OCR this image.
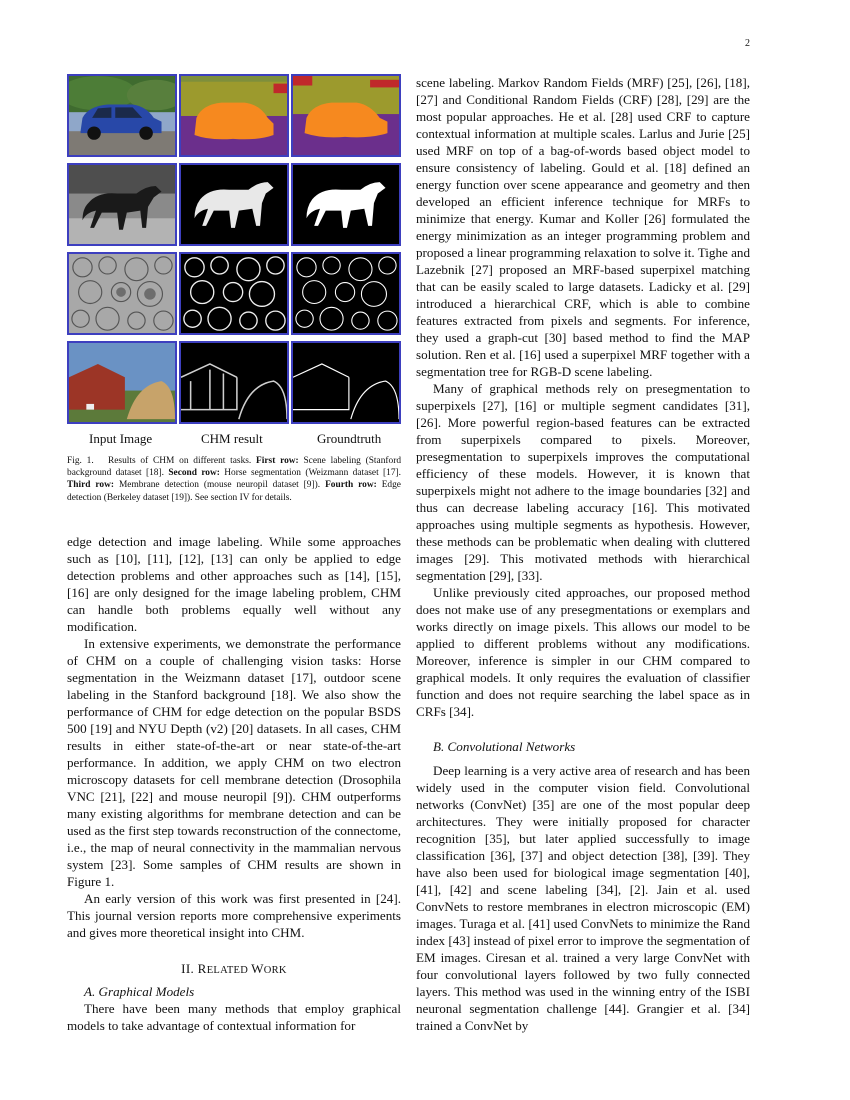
2
Input Image	CHM result	Groundtruth
Fig. 1. Results of CHM on different tasks. First row: Scene labeling (Stanford background dataset [18]. Second row: Horse segmentation (Weizmann dataset [17]. Third row: Membrane detection (mouse neuropil dataset [9]). Fourth row: Edge detection (Berkeley dataset [19]). See section IV for details.

edge detection and image labeling. While some approaches such as [10], [11], [12], [13] can only be applied to edge detection problems and other approaches such as [14], [15], [16] are only designed for the image labeling problem, CHM can handle both problems equally well without any modification.

In extensive experiments, we demonstrate the performance of CHM on a couple of challenging vision tasks: Horse segmentation in the Weizmann dataset [17], outdoor scene labeling in the Stanford background [18]. We also show the performance of CHM for edge detection on the popular BSDS 500 [19] and NYU Depth (v2) [20] datasets. In all cases, CHM results in either state-of-the-art or near state-of-the-art performance. In addition, we apply CHM on two electron microscopy datasets for cell membrane detection (Drosophila VNC [21], [22] and mouse neuropil [9]). CHM outperforms many existing algorithms for membrane detection and can be used as the first step towards reconstruction of the connectome, i.e., the map of neural connectivity in the mammalian nervous system [23]. Some samples of CHM results are shown in Figure 1.

An early version of this work was first presented in [24]. This journal version reports more comprehensive experiments and gives more theoretical insight into CHM.

II. RELATED WORK

A. Graphical Models

There have been many methods that employ graphical models to take advantage of contextual information for

scene labeling. Markov Random Fields (MRF) [25], [26], [18], [27] and Conditional Random Fields (CRF) [28], [29] are the most popular approaches. He et al. [28] used CRF to capture contextual information at multiple scales. Larlus and Jurie [25] used MRF on top of a bag-of-words based object model to ensure consistency of labeling. Gould et al. [18] defined an energy function over scene appearance and geometry and then developed an efficient inference technique for MRFs to minimize that energy. Kumar and Koller [26] formulated the energy minimization as an integer programming problem and proposed a linear programming relaxation to solve it. Tighe and Lazebnik [27] proposed an MRF-based superpixel matching that can be easily scaled to large datasets. Ladicky et al. [29] introduced a hierarchical CRF, which is able to combine features extracted from pixels and segments. For inference, they used a graph-cut [30] based method to find the MAP solution. Ren et al. [16] used a superpixel MRF together with a segmentation tree for RGB-D scene labeling.

Many of graphical methods rely on presegmentation to superpixels [27], [16] or multiple segment candidates [31], [26]. More powerful region-based features can be extracted from superpixels compared to pixels. Moreover, presegmentation to superpixels improves the computational efficiency of these models. However, it is known that superpixels might not adhere to the image boundaries [32] and thus can decrease labeling accuracy [16]. This motivated approaches using multiple segments as hypothesis. However, these methods can be problematic when dealing with cluttered images [29]. This motivated methods with hierarchical segmentation [29], [33].

Unlike previously cited approaches, our proposed method does not make use of any presegmentations or exemplars and works directly on image pixels. This allows our model to be applied to different problems without any modifications. Moreover, inference is simpler in our CHM compared to graphical models. It only requires the evaluation of classifier function and does not require searching the label space as in CRFs [34].

B. Convolutional Networks

Deep learning is a very active area of research and has been widely used in the computer vision field. Convolutional networks (ConvNet) [35] are one of the most popular deep architectures. They were initially proposed for character recognition [35], but later applied successfully to image classification [36], [37] and object detection [38], [39]. They have also been used for biological image segmentation [40], [41], [42] and scene labeling [34], [2]. Jain et al. used ConvNets to restore membranes in electron microscopic (EM) images. Turaga et al. [41] used ConvNets to minimize the Rand index [43] instead of pixel error to improve the segmentation of EM images. Ciresan et al. trained a very large ConvNet with four convolutional layers followed by two fully connected layers. This method was used in the winning entry of the ISBI neuronal segmentation challenge [44]. Grangier et al. [34] trained a ConvNet by
